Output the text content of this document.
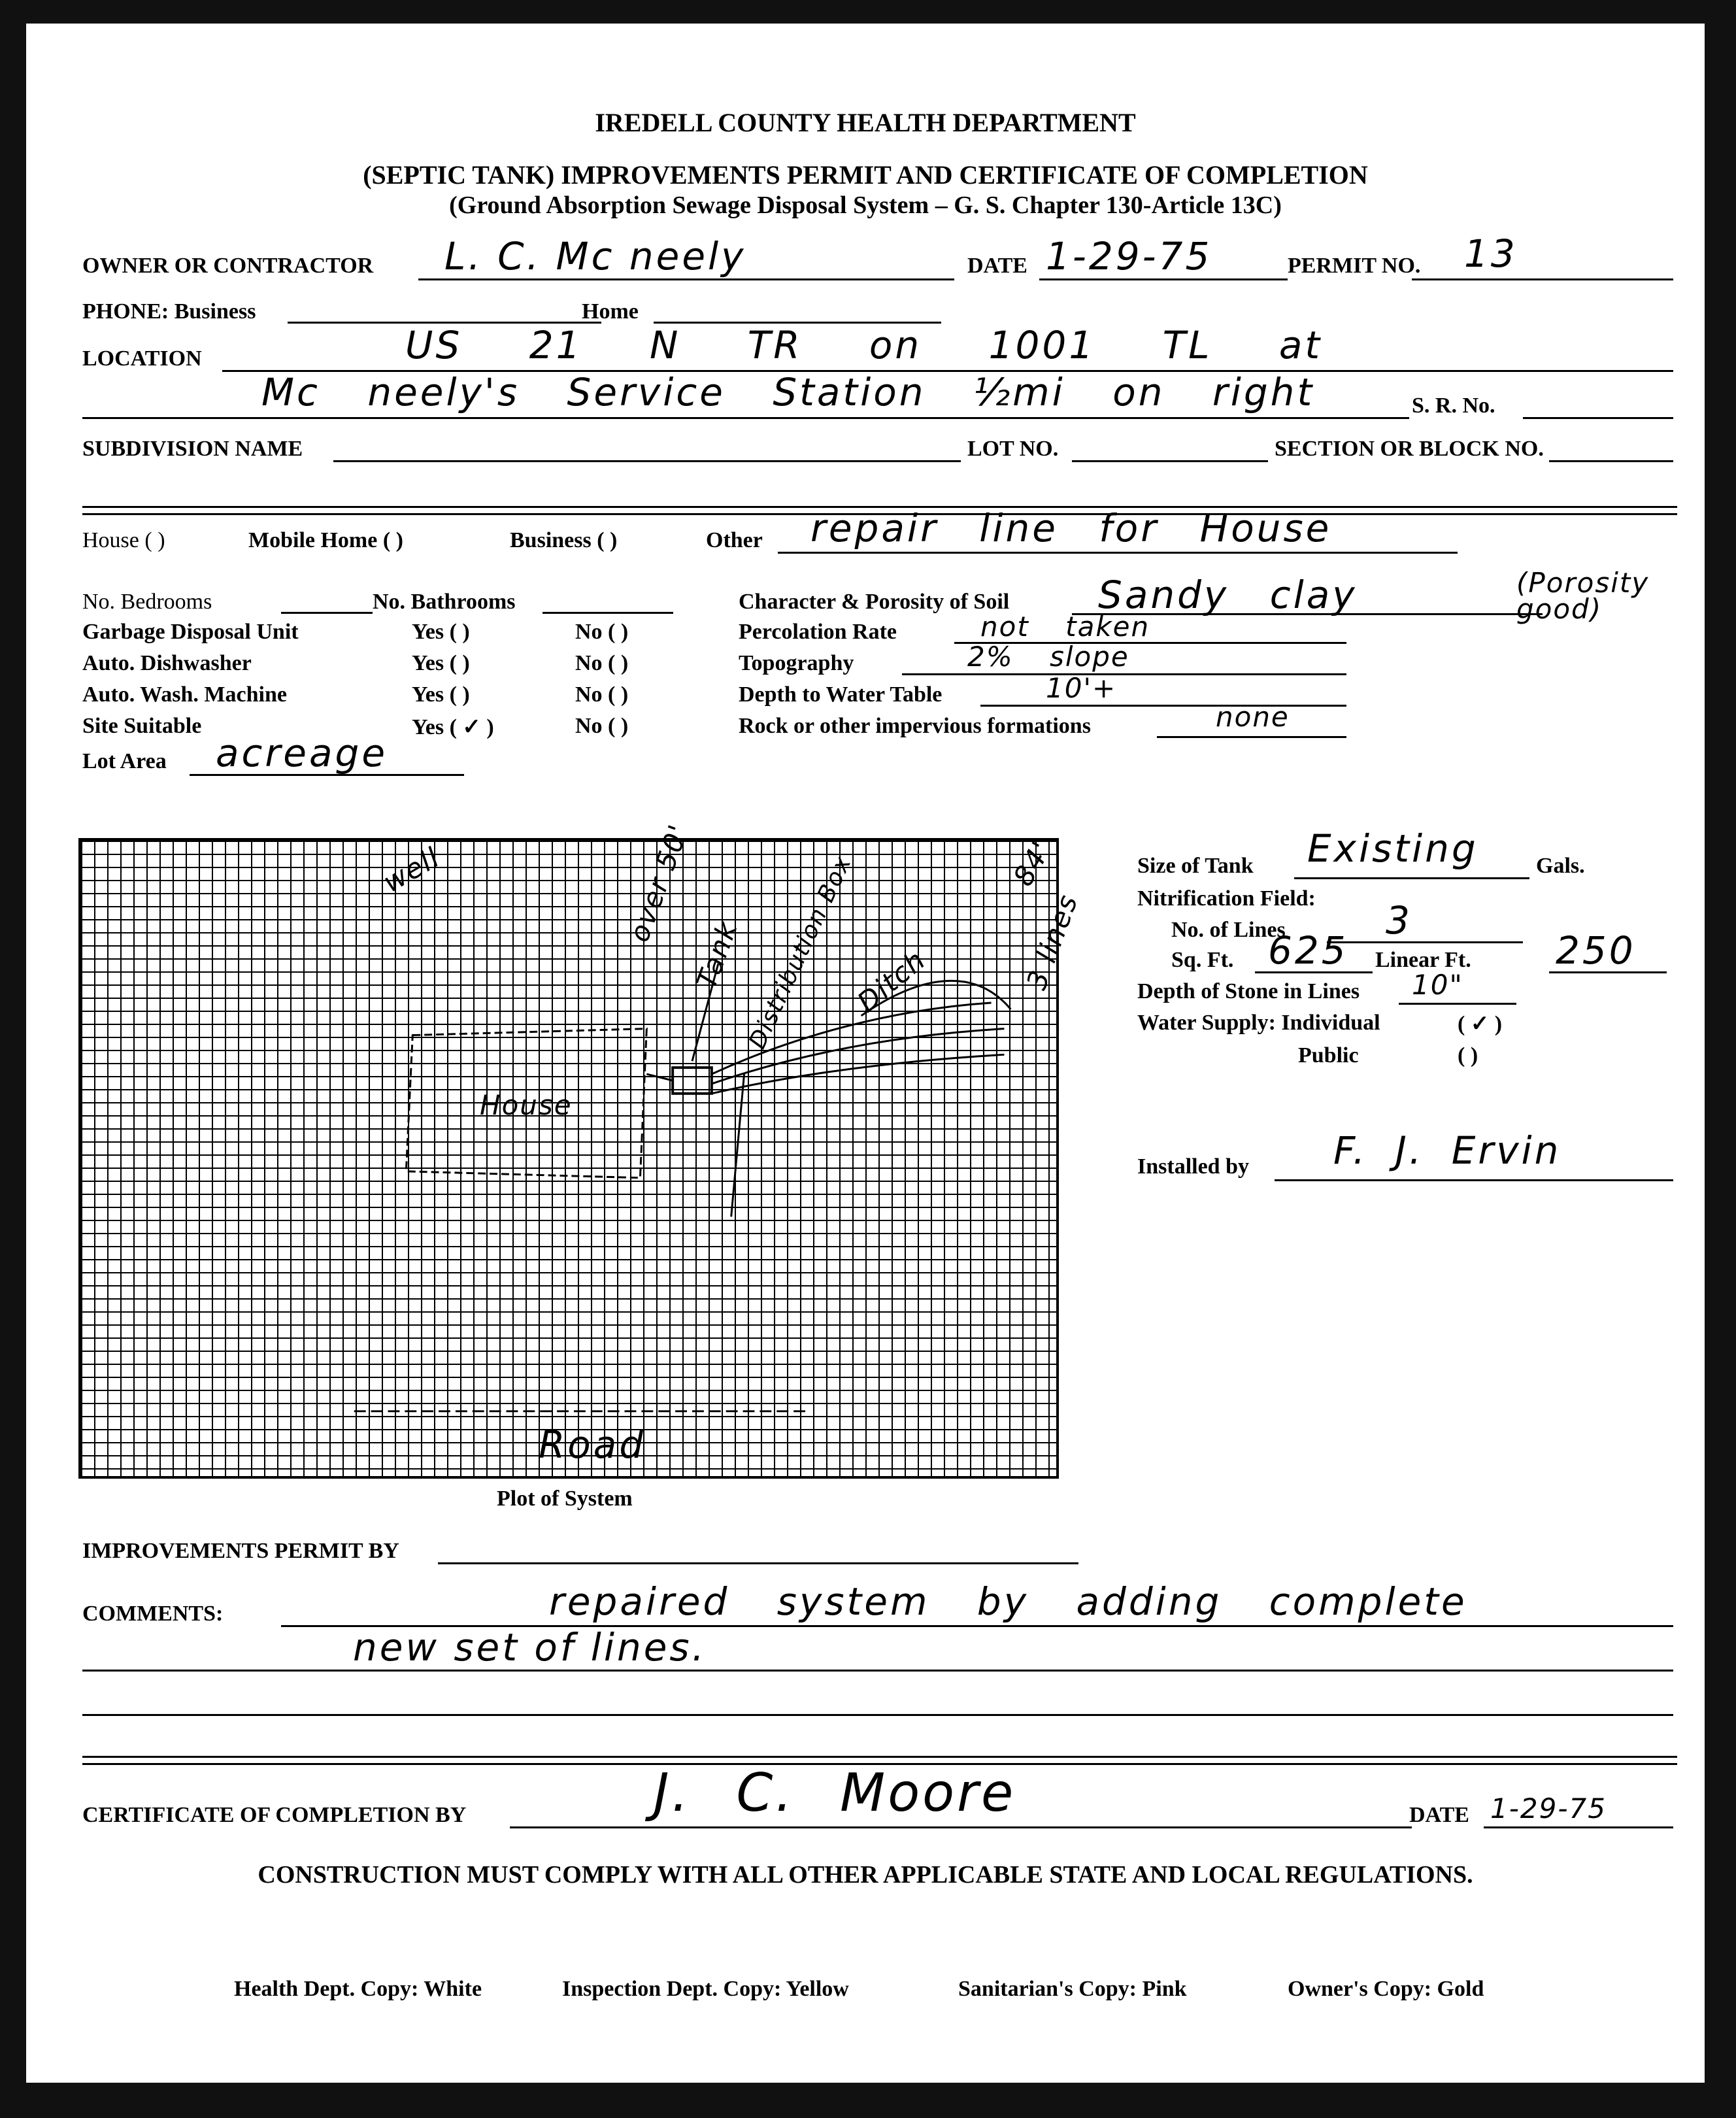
IREDELL COUNTY HEALTH DEPARTMENT
(SEPTIC TANK) IMPROVEMENTS PERMIT AND CERTIFICATE OF COMPLETION
(Ground Absorption Sewage Disposal System – G. S. Chapter 130-Article 13C)
OWNER OR CONTRACTOR L. C. Mc neely	DATE 1-29-75	PERMIT NO. 13
PHONE: Business	Home
LOCATION	US 21 N TR on 1001 TL at
Mc neely's Service Station ½mi on right	S. R. No.
SUBDIVISION NAME	LOT NO.	SECTION OR BLOCK NO.
House ( )	Mobile Home ( )	Business ( )	Other repair line for House
No. Bedrooms	No. Bathrooms
Garbage Disposal Unit	Yes ( )	No ( )
Auto. Dishwasher	Yes ( )	No ( )
Auto. Wash. Machine	Yes ( )	No ( )
Site Suitable	Yes ( ✓ )	No ( )
Lot Area acreage
Character & Porosity of Soil Sandy clay	(Porosity good)
Percolation Rate	not taken
Topography	2% slope
Depth to Water Table	10'+
Rock or other impervious formations	none
well	over 50'
Tank Distribution Box
Ditch	3 lines
84'
House
Road
Plot of System
Size of Tank Existing	Gals.
Nitrification Field:
No. of Lines	3
Sq. Ft. 625 Linear Ft. 250
Depth of Stone in Lines 10"
Water Supply: Individual	( ✓ )
Public	( )
Installed by F. J. Ervin
IMPROVEMENTS PERMIT BY
COMMENTS:	repaired system by adding complete
new set of lines.
CERTIFICATE OF COMPLETION BY	J. C. Moore	DATE 1-29-75
CONSTRUCTION MUST COMPLY WITH ALL OTHER APPLICABLE STATE AND LOCAL REGULATIONS.
Health Dept. Copy: White	Inspection Dept. Copy: Yellow	Sanitarian's Copy: Pink	Owner's Copy: Gold
